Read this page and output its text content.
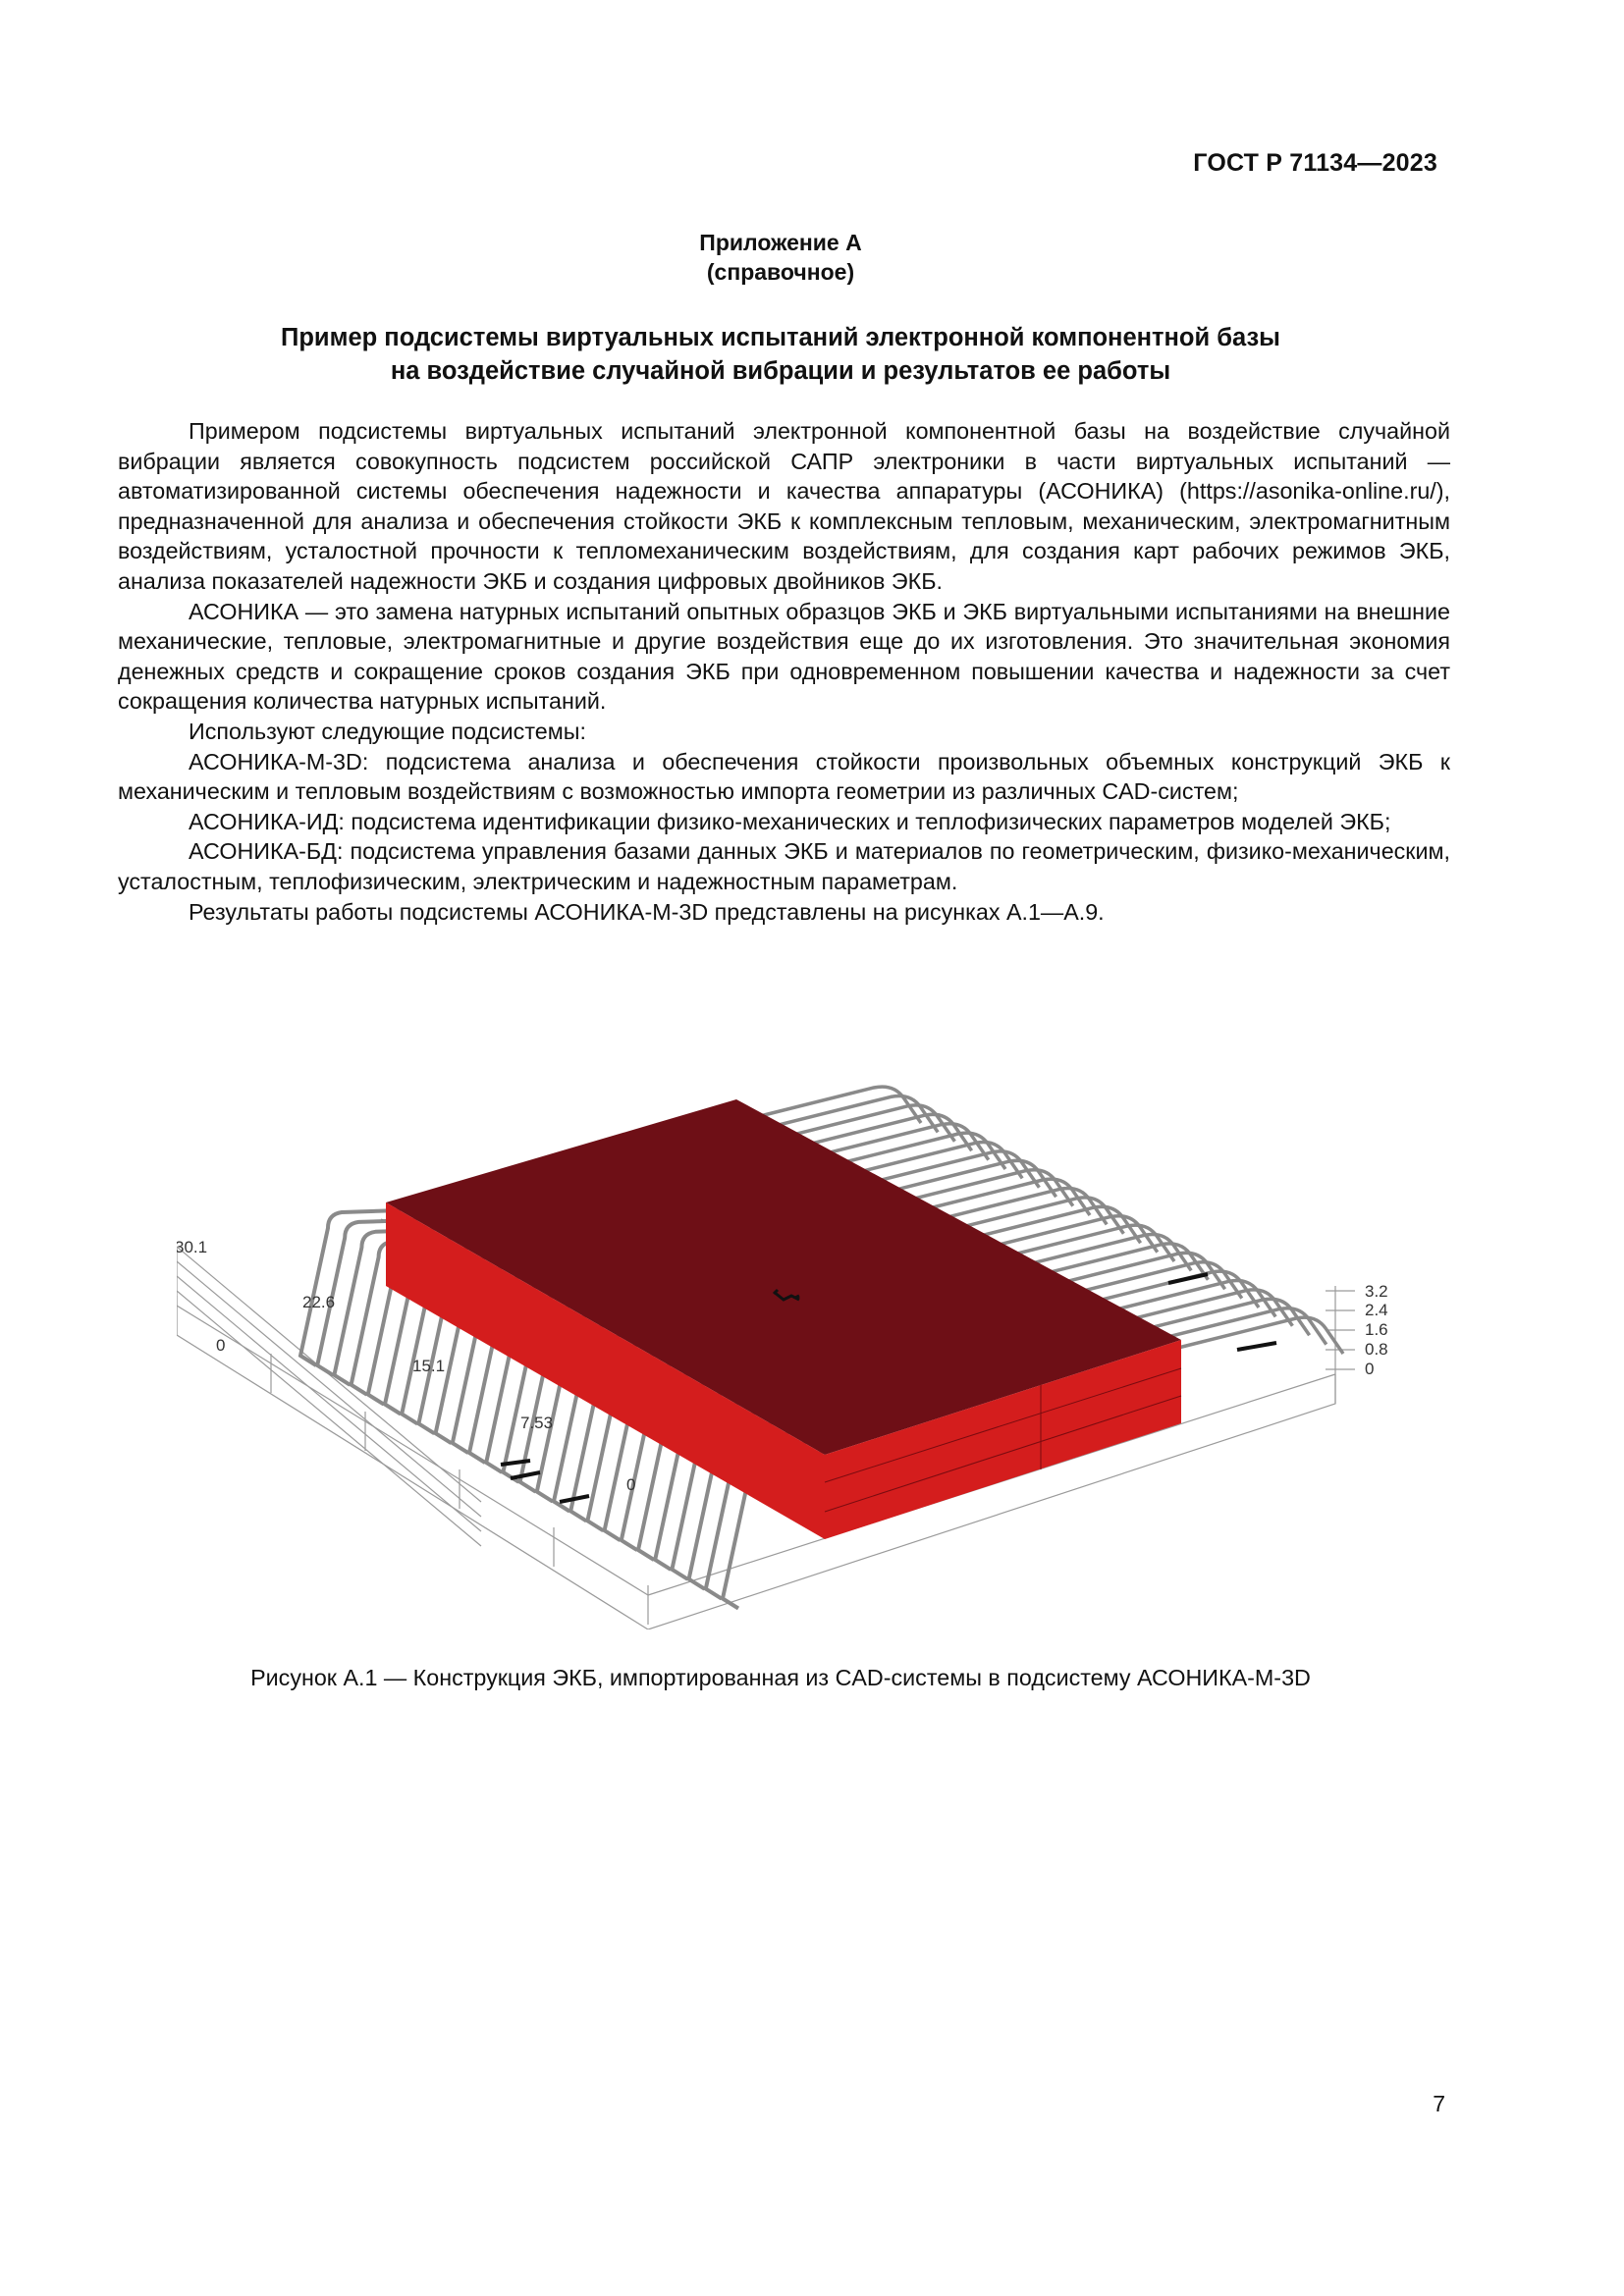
ГОСТ Р 71134—2023
Приложение А
(справочное)
Пример подсистемы виртуальных испытаний электронной компонентной базы
на воздействие случайной вибрации и результатов ее работы

Примером подсистемы виртуальных испытаний электронной компонентной базы на воздействие случайной вибрации является совокупность подсистем российской САПР электроники в части виртуальных испытаний — автоматизированной системы обеспечения надежности и качества аппаратуры (АСОНИКА) (https://asonika-online.ru/), предназначенной для анализа и обеспечения стойкости ЭКБ к комплексным тепловым, механическим, электромагнитным воздействиям, усталостной прочности к тепломеханическим воздействиям, для создания карт рабочих режимов ЭКБ, анализа показателей надежности ЭКБ и создания цифровых двойников ЭКБ.

АСОНИКА — это замена натурных испытаний опытных образцов ЭКБ и ЭКБ виртуальными испытаниями на внешние механические, тепловые, электромагнитные и другие воздействия еще до их изготовления. Это значительная экономия денежных средств и сокращение сроков создания ЭКБ при одновременном повышении качества и надежности за счет сокращения количества натурных испытаний.

Используют следующие подсистемы:

АСОНИКА-М-3D: подсистема анализа и обеспечения стойкости произвольных объемных конструкций ЭКБ к механическим и тепловым воздействиям с возможностью импорта геометрии из различных CAD-систем;

АСОНИКА-ИД: подсистема идентификации физико-механических и теплофизических параметров моделей ЭКБ;

АСОНИКА-БД: подсистема управления базами данных ЭКБ и материалов по геометрическим, физико-механическим, усталостным, теплофизическим, электрическим и надежностным параметрам.

Результаты работы подсистемы АСОНИКА-М-3D представлены на рисунках А.1—А.9.

30.1
22.6
0
15.1
7.53
0
3.2
2.4
1.6
0.8
0
Рисунок А.1 — Конструкция ЭКБ, импортированная из CAD-системы в подсистему АСОНИКА-М-3D
7
